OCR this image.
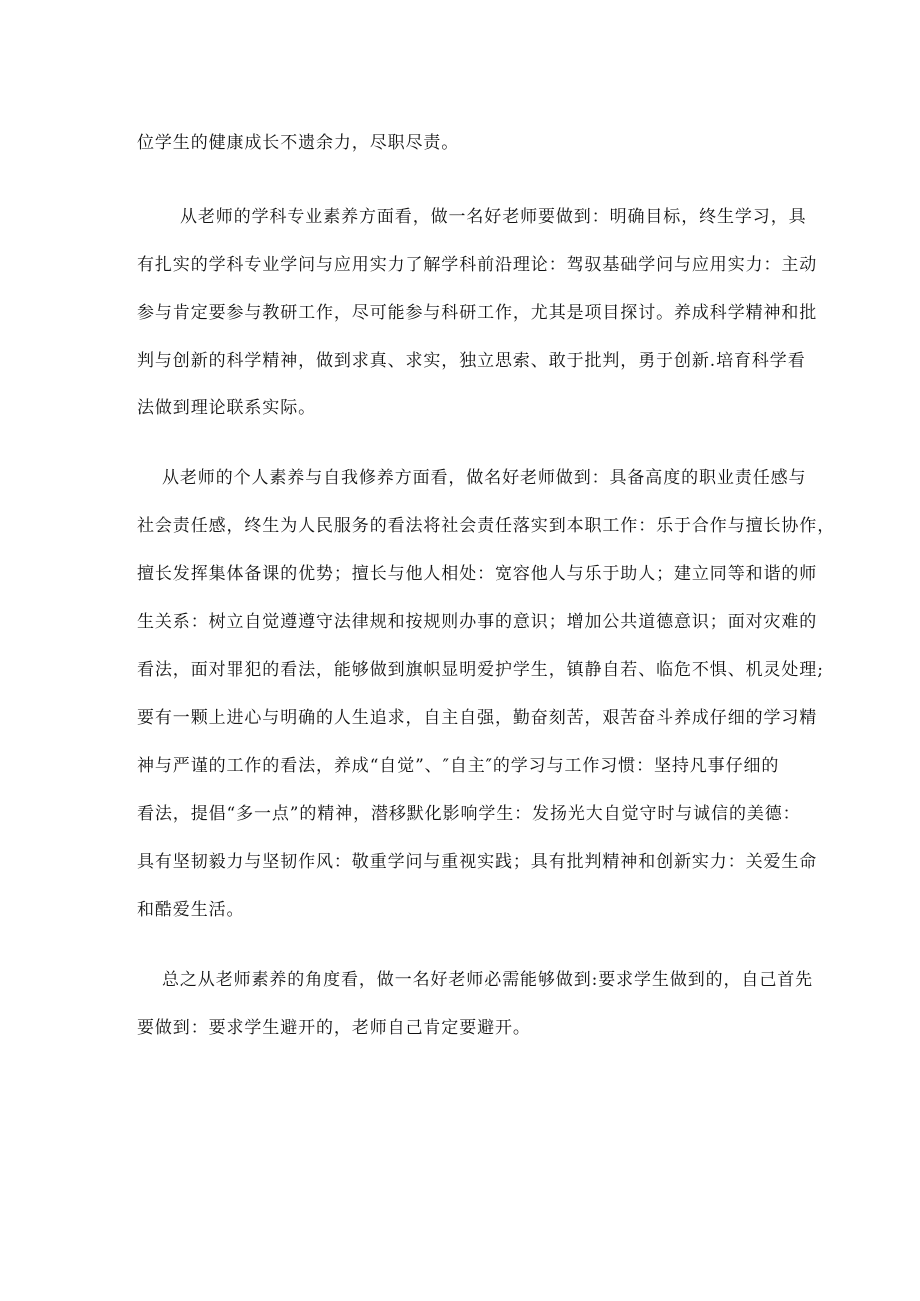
位学生的健康成长不遗余力，尽职尽责。

从老师的学科专业素养方面看，做一名好老师要做到：明确目标，终生学习，具

有扎实的学科专业学问与应用实力了解学科前沿理论：驾驭基础学问与应用实力：主动

参与肯定要参与教研工作，尽可能参与科研工作，尤其是项目探讨。养成科学精神和批

判与创新的科学精神，做到求真、求实，独立思索、敢于批判，勇于创新.培育科学看

法做到理论联系实际。

从老师的个人素养与自我修养方面看，做名好老师做到：具备高度的职业责任感与

社会责任感，终生为人民服务的看法将社会责任落实到本职工作：乐于合作与擅长协作，

擅长发挥集体备课的优势；擅长与他人相处：宽容他人与乐于助人；建立同等和谐的师

生关系：树立自觉遵遵守法律规和按规则办事的意识；增加公共道德意识；面对灾难的

看法，面对罪犯的看法，能够做到旗帜显明爱护学生，镇静自若、临危不惧、机灵处理;

要有一颗上进心与明确的人生追求，自主自强，勤奋刻苦，艰苦奋斗养成仔细的学习精

神与严谨的工作的看法，养成“自觉”、″自主″的学习与工作习惯：坚持凡事仔细的

看法，提倡“多一点”的精神，潜移默化影响学生：发扬光大自觉守时与诚信的美德：

具有坚韧毅力与坚韧作风：敬重学问与重视实践；具有批判精神和创新实力：关爱生命

和酷爱生活。

总之从老师素养的角度看，做一名好老师必需能够做到:要求学生做到的，自己首先

要做到：要求学生避开的，老师自己肯定要避开。
